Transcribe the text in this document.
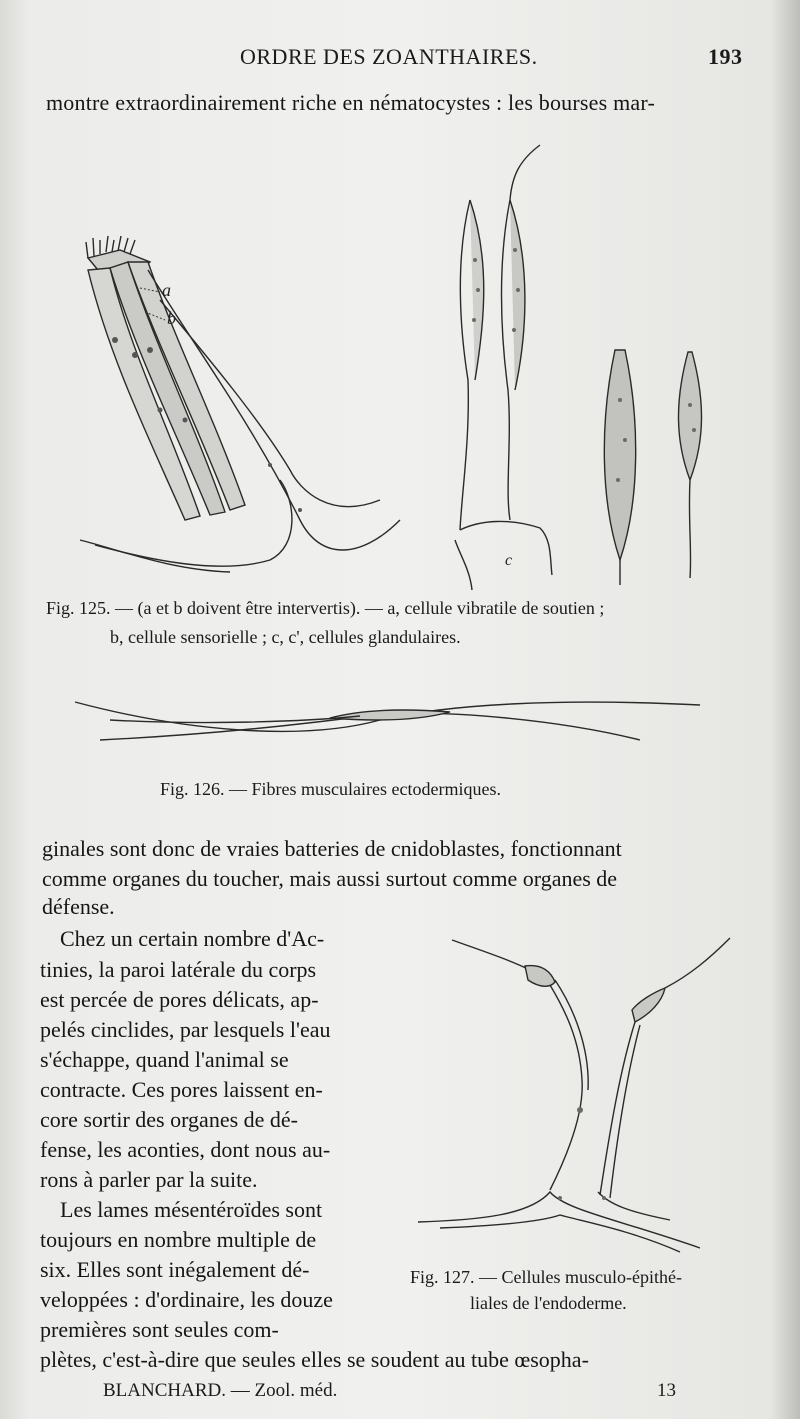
ORDRE DES ZOANTHAIRES.	193
montre extraordinairement riche en nématocystes : les bourses mar-
a
b
c
Fig. 125. — (a et b doivent être intervertis). — a, cellule vibratile de soutien ;
b, cellule sensorielle ; c, c', cellules glandulaires.
Fig. 126. — Fibres musculaires ectodermiques.
ginales sont donc de vraies batteries de cnidoblastes, fonctionnant
comme organes du toucher, mais aussi surtout comme organes de
défense.
Chez un certain nombre d'Ac-
tinies, la paroi latérale du corps
est percée de pores délicats, ap-
pelés cinclides, par lesquels l'eau
s'échappe, quand l'animal se
contracte. Ces pores laissent en-
core sortir des organes de dé-
fense, les aconties, dont nous au-
rons à parler par la suite.
Les lames mésentéroïdes sont
toujours en nombre multiple de
six. Elles sont inégalement dé-
veloppées : d'ordinaire, les douze
premières sont seules com-
Fig. 127. — Cellules musculo-épithé-
liales de l'endoderme.
plètes, c'est-à-dire que seules elles se soudent au tube œsopha-
BLANCHARD. — Zool. méd.	13
